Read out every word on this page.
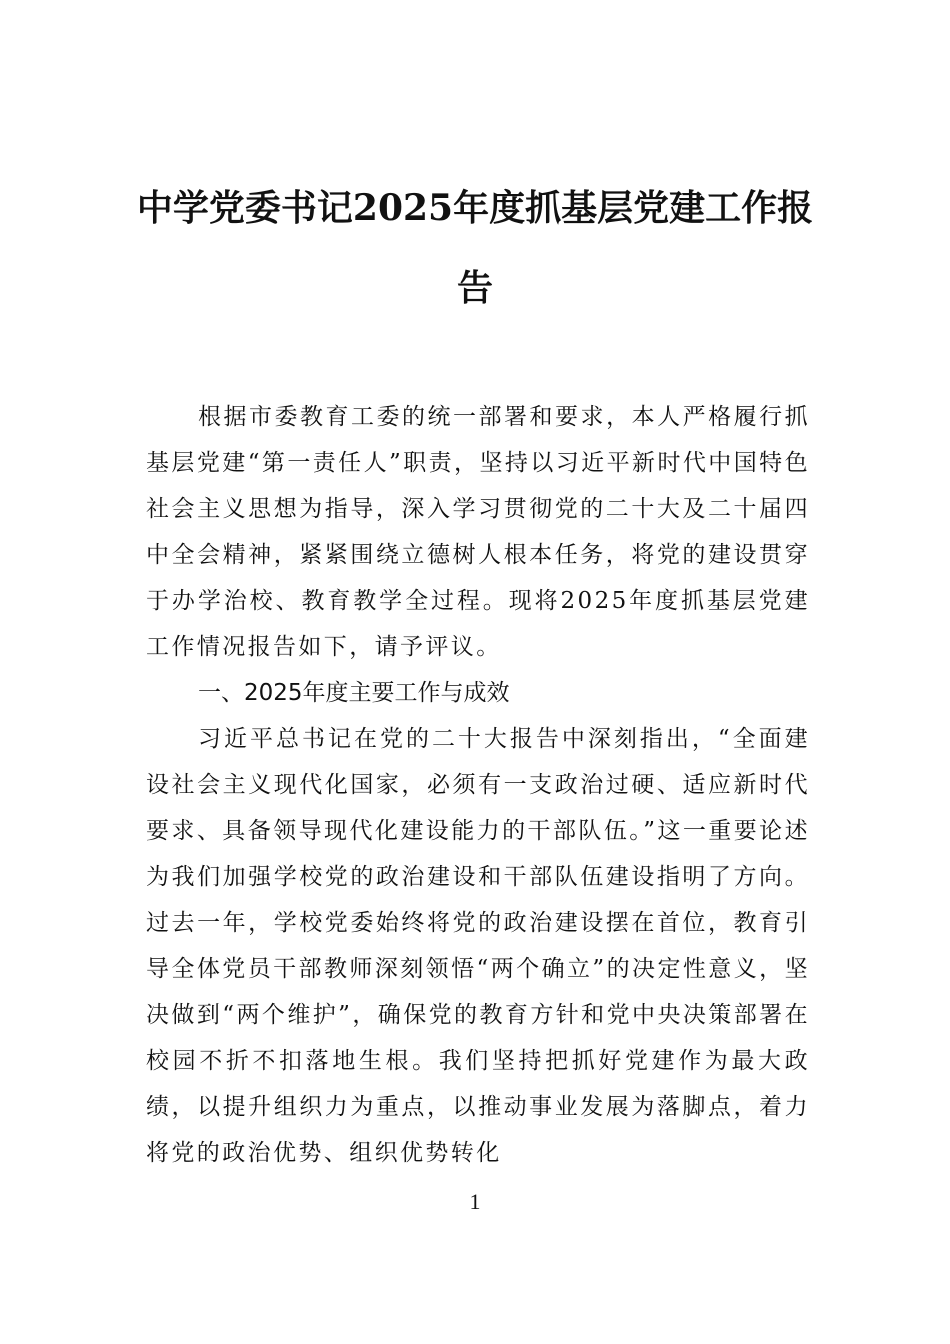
中学党委书记2025年度抓基层党建工作报
告

根据市委教育工委的统一部署和要求，本人严格履行抓基层党建“第一责任人”职责，坚持以习近平新时代中国特色社会主义思想为指导，深入学习贯彻党的二十大及二十届四中全会精神，紧紧围绕立德树人根本任务，将党的建设贯穿于办学治校、教育教学全过程。现将2025年度抓基层党建工作情况报告如下，请予评议。

一、2025年度主要工作与成效

习近平总书记在党的二十大报告中深刻指出，“全面建设社会主义现代化国家，必须有一支政治过硬、适应新时代要求、具备领导现代化建设能力的干部队伍。”这一重要论述为我们加强学校党的政治建设和干部队伍建设指明了方向。过去一年，学校党委始终将党的政治建设摆在首位，教育引导全体党员干部教师深刻领悟“两个确立”的决定性意义，坚决做到“两个维护”，确保党的教育方针和党中央决策部署在校园不折不扣落地生根。我们坚持把抓好党建作为最大政绩，以提升组织力为重点，以推动事业发展为落脚点，着力将党的政治优势、组织优势转化

1
